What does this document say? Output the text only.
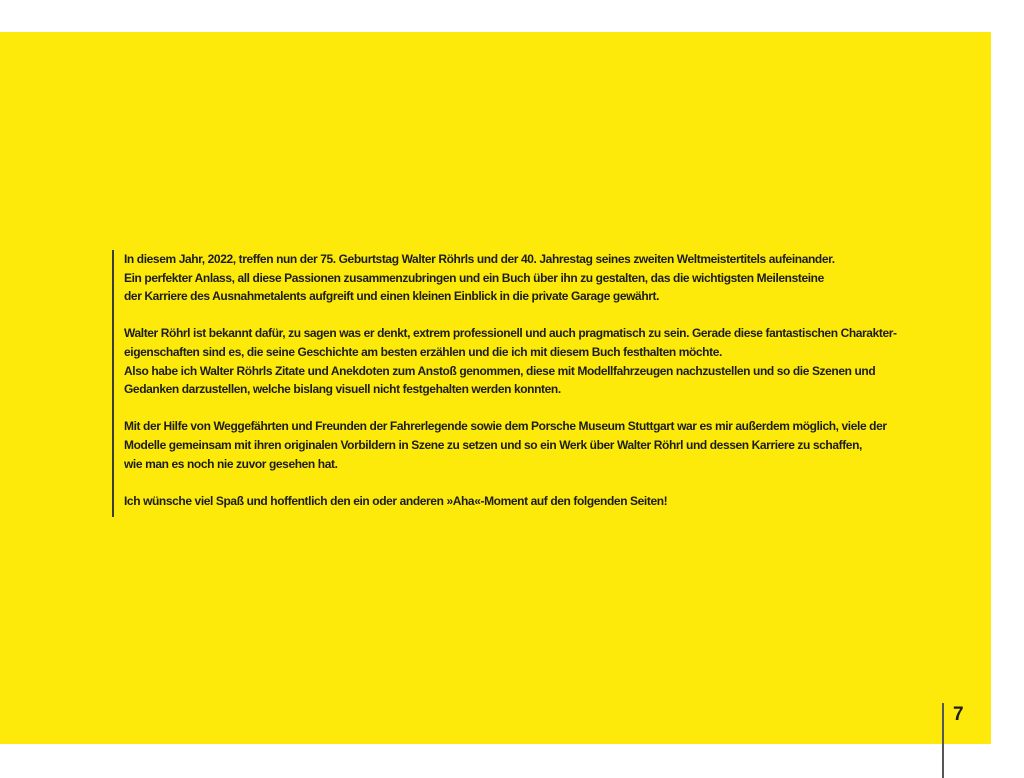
In diesem Jahr, 2022, treffen nun der 75. Geburtstag Walter Röhrls und der 40. Jahrestag seines zweiten Weltmeistertitels aufeinander.
Ein perfekter Anlass, all diese Passionen zusammenzubringen und ein Buch über ihn zu gestalten, das die wichtigsten Meilensteine
der Karriere des Ausnahmetalents aufgreift und einen kleinen Einblick in die private Garage gewährt.
Walter Röhrl ist bekannt dafür, zu sagen was er denkt, extrem professionell und auch pragmatisch zu sein. Gerade diese fantastischen Charakter-
eigenschaften sind es, die seine Geschichte am besten erzählen und die ich mit diesem Buch festhalten möchte.
Also habe ich Walter Röhrls Zitate und Anekdoten zum Anstoß genommen, diese mit Modellfahrzeugen nachzustellen und so die Szenen und
Gedanken darzustellen, welche bislang visuell nicht festgehalten werden konnten.
Mit der Hilfe von Weggefährten und Freunden der Fahrerlegende sowie dem Porsche Museum Stuttgart war es mir außerdem möglich, viele der
Modelle gemeinsam mit ihren originalen Vorbildern in Szene zu setzen und so ein Werk über Walter Röhrl und dessen Karriere zu schaffen,
wie man es noch nie zuvor gesehen hat.
Ich wünsche viel Spaß und hoffentlich den ein oder anderen »Aha«-Moment auf den folgenden Seiten!
7
